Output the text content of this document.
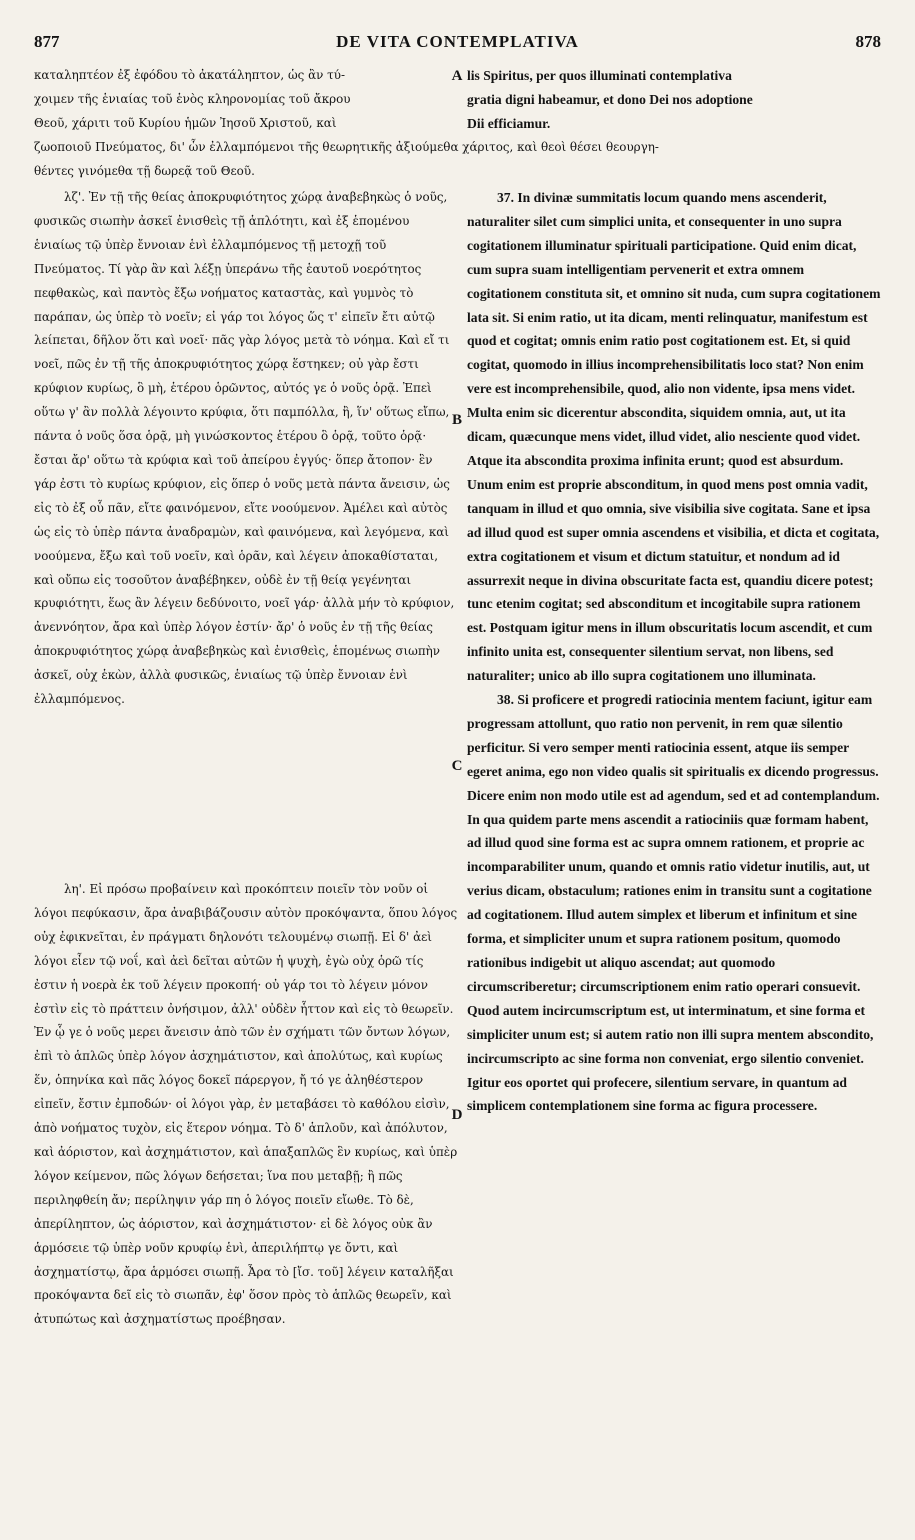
877	DE VITA CONTEMPLATIVA	878

καταληπτέον ἐξ ἐφόδου τὸ ἀκατάληπτον, ὡς ἂν τύ-

χοιμεν τῆς ἑνιαίας τοῦ ἑνὸς κληρονομίας τοῦ ἄκρου

Θεοῦ, χάριτι τοῦ Κυρίου ἡμῶν Ἰησοῦ Χριστοῦ, καὶ

lis Spiritus, per quos illuminati contemplativa

gratia digni habeamur, et dono Dei nos adoptione

Dii efficiamur.

ζωοποιοῦ Πνεύματος, δι' ὧν ἐλλαμπόμενοι τῆς θεωρητικῆς ἀξιούμεθα χάριτος, καὶ θεοὶ θέσει θεουργη-

θέντες γινόμεθα τῇ δωρεᾷ τοῦ Θεοῦ.

λζ'. Ἐν τῇ τῆς θείας ἀποκρυφιότητος χώρᾳ ἀναβεβηκὼς ὁ νοῦς, φυσικῶς σιωπὴν ἀσκεῖ ἐνισθεὶς τῇ ἁπλότητι, καὶ ἐξ ἑπομένου ἑνιαίως τῷ ὑπὲρ ἔννοιαν ἑνὶ ἐλλαμπόμενος τῇ μετοχῇ τοῦ Πνεύματος. Τί γὰρ ἂν καὶ λέξῃ ὑπεράνω τῆς ἑαυτοῦ νοερότητος πεφθακὼς, καὶ παντὸς ἔξω νοήματος καταστὰς, καὶ γυμνὸς τὸ παράπαν, ὡς ὑπὲρ τὸ νοεῖν; εἰ γάρ τοι λόγος ὥς τ' εἰπεῖν ἔτι αὐτῷ λείπεται, δῆλον ὅτι καὶ νοεῖ· πᾶς γὰρ λόγος μετὰ τὸ νόημα. Καὶ εἴ τι νοεῖ, πῶς ἐν τῇ τῆς ἀποκρυφιότητος χώρᾳ ἕστηκεν; οὐ γὰρ ἔστι κρύφιον κυρίως, ὃ μὴ, ἑτέρου ὁρῶντος, αὐτός γε ὁ νοῦς ὁρᾷ. Ἐπεὶ οὕτω γ' ἂν πολλὰ λέγοιντο κρύφια, ὅτι παμπόλλα, ἢ, ἵν' οὕτως εἴπω, πάντα ὁ νοῦς ὅσα ὁρᾷ, μὴ γινώσκοντος ἑτέρου ὃ ὁρᾷ, τοῦτο ὁρᾷ· ἔσται ἄρ' οὕτω τὰ κρύφια καὶ τοῦ ἀπείρου ἐγγύς· ὅπερ ἄτοπον· ἓν γάρ ἐστι τὸ κυρίως κρύφιον, εἰς ὅπερ ὁ νοῦς μετὰ πάντα ἄνεισιν, ὡς εἰς τὸ ἐξ οὗ πᾶν, εἴτε φαινόμενον, εἴτε νοούμενον. Ἀμέλει καὶ αὐτὸς ὡς εἰς τὸ ὑπὲρ πάντα ἀναδραμὼν, καὶ φαινόμενα, καὶ λεγόμενα, καὶ νοούμενα, ἔξω καὶ τοῦ νοεῖν, καὶ ὁρᾶν, καὶ λέγειν ἀποκαθίσταται, καὶ οὔπω εἰς τοσοῦτον ἀναβέβηκεν, οὐδὲ ἐν τῇ θείᾳ γεγένηται κρυφιότητι, ἕως ἂν λέγειν δεδύνοιτο, νοεῖ γάρ· ἀλλὰ μήν τὸ κρύφιον, ἀνεννόητον, ἄρα καὶ ὑπὲρ λόγον ἐστίν· ἄρ' ὁ νοῦς ἐν τῇ τῆς θείας ἀποκρυφιότητος χώρᾳ ἀναβεβηκὼς καὶ ἐνισθεὶς, ἑπομένως σιωπὴν ἀσκεῖ, οὐχ ἑκὼν, ἀλλὰ φυσικῶς, ἑνιαίως τῷ ὑπὲρ ἔννοιαν ἑνὶ ἐλλαμπόμενος.

λη'. Εἰ πρόσω προβαίνειν καὶ προκόπτειν ποιεῖν τὸν νοῦν οἱ λόγοι πεφύκασιν, ἄρα ἀναβιβάζουσιν αὐτὸν προκόψαντα, ὅπου λόγος οὐχ ἐφικνεῖται, ἐν πράγματι δηλονότι τελουμένῳ σιωπῇ. Εἰ δ' ἀεὶ λόγοι εἶεν τῷ νοΐ, καὶ ἀεὶ δεῖται αὐτῶν ἡ ψυχὴ, ἐγὼ οὐχ ὁρῶ τίς ἐστιν ἡ νοερὰ ἐκ τοῦ λέγειν προκοπή· οὐ γάρ τοι τὸ λέγειν μόνον ἐστὶν εἰς τὸ πράττειν ὀνήσιμον, ἀλλ' οὐδὲν ἧττον καὶ εἰς τὸ θεωρεῖν. Ἐν ᾧ γε ὁ νοῦς μερει ἄνεισιν ἀπὸ τῶν ἐν σχήματι τῶν ὄντων λόγων, ἐπὶ τὸ ἁπλῶς ὑπὲρ λόγον ἀσχημάτιστον, καὶ ἀπολύτως, καὶ κυρίως ἕν, ὁπηνίκα καὶ πᾶς λόγος δοκεῖ πάρεργον, ἤ τό γε ἀληθέστερον εἰπεῖν, ἔστιν ἐμποδών· οἱ λόγοι γὰρ, ἐν μεταβάσει τὸ καθόλου εἰσὶν, ἀπὸ νοήματος τυχὸν, εἰς ἕτερον νόημα. Τὸ δ' ἁπλοῦν, καὶ ἀπόλυτον, καὶ ἀόριστον, καὶ ἀσχημάτιστον, καὶ ἁπαξαπλῶς ἓν κυρίως, καὶ ὑπὲρ λόγον κείμενον, πῶς λόγων δεήσεται; ἵνα που μεταβῇ; ἢ πῶς περιληφθείη ἄν; περίληψιν γάρ πη ὁ λόγος ποιεῖν εἴωθε. Τὸ δὲ, ἀπερίληπτον, ὡς ἀόριστον, καὶ ἀσχημάτιστον· εἰ δὲ λόγος οὐκ ἂν ἁρμόσειε τῷ ὑπὲρ νοῦν κρυφίῳ ἑνὶ, ἀπεριλήπτῳ γε ὄντι, καὶ ἀσχηματίστῳ, ἄρα ἁρμόσει σιωπῇ. Ἆρα τὸ [ἴσ. τοῦ] λέγειν καταλῆξαι προκόψαντα δεῖ εἰς τὸ σιωπᾶν, ἐφ' ὅσον πρὸς τὸ ἁπλῶς θεωρεῖν, καὶ ἀτυπώτως καὶ ἀσχηματίστως προέβησαν.

37. In divinæ summitatis locum quando mens ascenderit, naturaliter silet cum simplici unita, et consequenter in uno supra cogitationem illuminatur spirituali participatione. Quid enim dicat, cum supra suam intelligentiam pervenerit et extra omnem cogitationem constituta sit, et omnino sit nuda, cum supra cogitationem lata sit. Si enim ratio, ut ita dicam, menti relinquatur, manifestum est quod et cogitat; omnis enim ratio post cogitationem est. Et, si quid cogitat, quomodo in illius incomprehensibilitatis loco stat? Non enim vere est incomprehensibile, quod, alio non vidente, ipsa mens videt. Multa enim sic dicerentur abscondita, siquidem omnia, aut, ut ita dicam, quæcunque mens videt, illud videt, alio nesciente quod videt. Atque ita abscondita proxima infinita erunt; quod est absurdum. Unum enim est proprie absconditum, in quod mens post omnia vadit, tanquam in illud et quo omnia, sive visibilia sive cogitata. Sane et ipsa ad illud quod est super omnia ascendens et visibilia, et dicta et cogitata, extra cogitationem et visum et dictum statuitur, et nondum ad id assurrexit neque in divina obscuritate facta est, quandiu dicere potest; tunc etenim cogitat; sed absconditum et incogitabile supra rationem est. Postquam igitur mens in illum obscuritatis locum ascendit, et cum infinito unita est, consequenter silentium servat, non libens, sed naturaliter; unico ab illo supra cogitationem uno illuminata.

38. Si proficere et progredi ratiocinia mentem faciunt, igitur eam progressam attollunt, quo ratio non pervenit, in rem quæ silentio perficitur. Si vero semper menti ratiocinia essent, atque iis semper egeret anima, ego non video qualis sit spiritualis ex dicendo progressus. Dicere enim non modo utile est ad agendum, sed et ad contemplandum. In qua quidem parte mens ascendit a ratiociniis quæ formam habent, ad illud quod sine forma est ac supra omnem rationem, et proprie ac incomparabiliter unum, quando et omnis ratio videtur inutilis, aut, ut verius dicam, obstaculum; rationes enim in transitu sunt a cogitatione ad cogitationem. Illud autem simplex et liberum et infinitum et sine forma, et simpliciter unum et supra rationem positum, quomodo rationibus indigebit ut aliquo ascendat; aut quomodo circumscriberetur; circumscriptionem enim ratio operari consuevit. Quod autem incircumscriptum est, ut interminatum, et sine forma et simpliciter unum est; si autem ratio non illi supra mentem abscondito, incircumscripto ac sine forma non conveniat, ergo silentio conveniet. Igitur eos oportet qui profecere, silentium servare, in quantum ad simplicem contemplationem sine forma ac figura processere.

A
B
C
D
